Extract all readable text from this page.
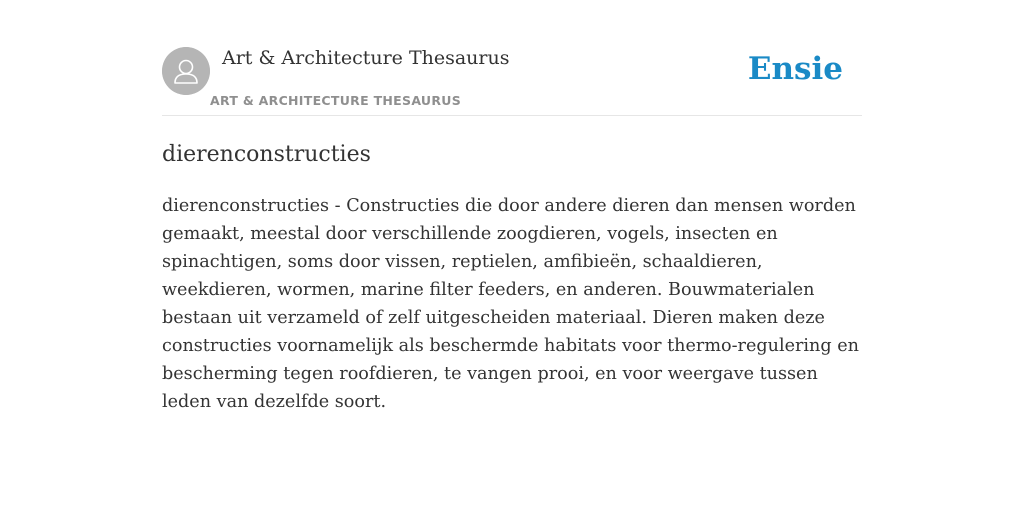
Art & Architecture Thesaurus
ART & ARCHITECTURE THESAURUS
Ensie
dierenconstructies

dierenconstructies - Constructies die door andere dieren dan mensen worden gemaakt, meestal door verschillende zoogdieren, vogels, insecten en spinachtigen, soms door vissen, reptielen, amfibieën, schaaldieren, weekdieren, wormen, marine filter feeders, en anderen. Bouwmaterialen bestaan uit verzameld of zelf uitgescheiden materiaal. Dieren maken deze constructies voornamelijk als beschermde habitats voor thermo-regulering en bescherming tegen roofdieren, te vangen prooi, en voor weergave tussen leden van dezelfde soort.
